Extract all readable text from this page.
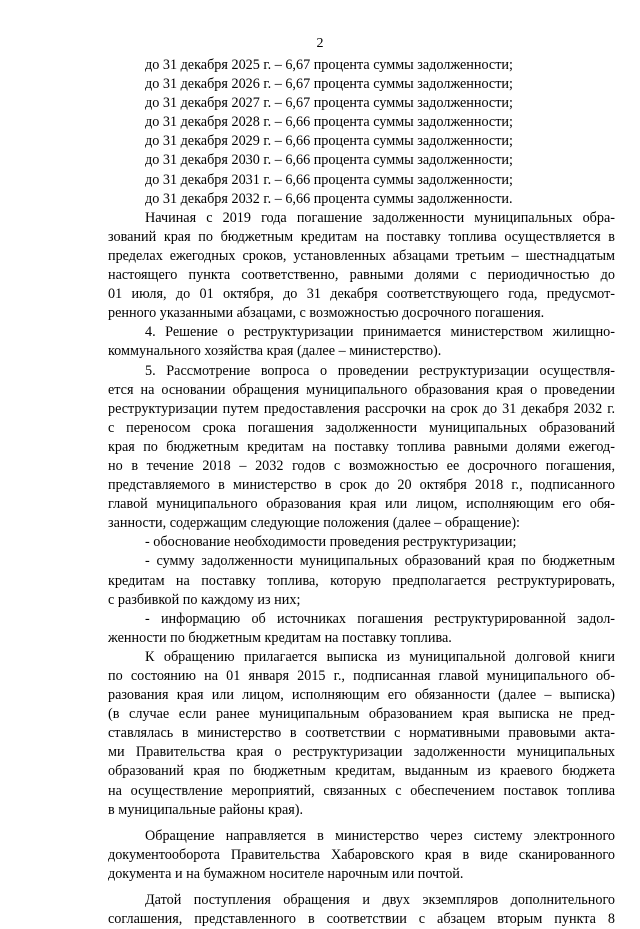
2
до 31 декабря 2025 г. – 6,67 процента суммы задолженности;
до 31 декабря 2026 г. – 6,67 процента суммы задолженности;
до 31 декабря 2027 г. – 6,67 процента суммы задолженности;
до 31 декабря 2028 г. – 6,66 процента суммы задолженности;
до 31 декабря 2029 г. – 6,66 процента суммы задолженности;
до 31 декабря 2030 г. – 6,66 процента суммы задолженности;
до 31 декабря 2031 г. – 6,66 процента суммы задолженности;
до 31 декабря 2032 г. – 6,66 процента суммы задолженности.
Начиная с 2019 года погашение задолженности муниципальных обра-
зований края по бюджетным кредитам на поставку топлива осуществляется в
пределах ежегодных сроков, установленных абзацами третьим – шестнадцатым
настоящего пункта соответственно, равными долями с периодичностью до
01 июля, до 01 октября, до 31 декабря соответствующего года, предусмот-
ренного указанными абзацами, с возможностью досрочного погашения.
4. Решение о реструктуризации принимается министерством жилищно-
коммунального хозяйства края (далее – министерство).
5. Рассмотрение вопроса о проведении реструктуризации осуществля-
ется на основании обращения муниципального образования края о проведении
реструктуризации путем предоставления рассрочки на срок до 31 декабря 2032 г.
с переносом срока погашения задолженности муниципальных образований
края по бюджетным кредитам на поставку топлива равными долями ежегод-
но в течение 2018 – 2032 годов с возможностью ее досрочного погашения,
представляемого в министерство в срок до 20 октября 2018 г., подписанного
главой муниципального образования края или лицом, исполняющим его обя-
занности, содержащим следующие положения (далее – обращение):
- обоснование необходимости проведения реструктуризации;
- сумму задолженности муниципальных образований края по бюджетным
кредитам на поставку топлива, которую предполагается реструктурировать,
с разбивкой по каждому из них;
- информацию об источниках погашения реструктурированной задол-
женности по бюджетным кредитам на поставку топлива.
К обращению прилагается выписка из муниципальной долговой книги
по состоянию на 01 января 2015 г., подписанная главой муниципального об-
разования края или лицом, исполняющим его обязанности (далее – выписка)
(в случае если ранее муниципальным образованием края выписка не пред-
ставлялась в министерство в соответствии с нормативными правовыми акта-
ми Правительства края о реструктуризации задолженности муниципальных
образований края по бюджетным кредитам, выданным из краевого бюджета
на осуществление мероприятий, связанных с обеспечением поставок топлива
в муниципальные районы края).
Обращение направляется в министерство через систему электронного
документооборота Правительства Хабаровского края в виде сканированного
документа и на бумажном носителе нарочным или почтой.
Датой поступления обращения и двух экземпляров дополнительного
соглашения, представленного в соответствии с абзацем вторым пункта 8
